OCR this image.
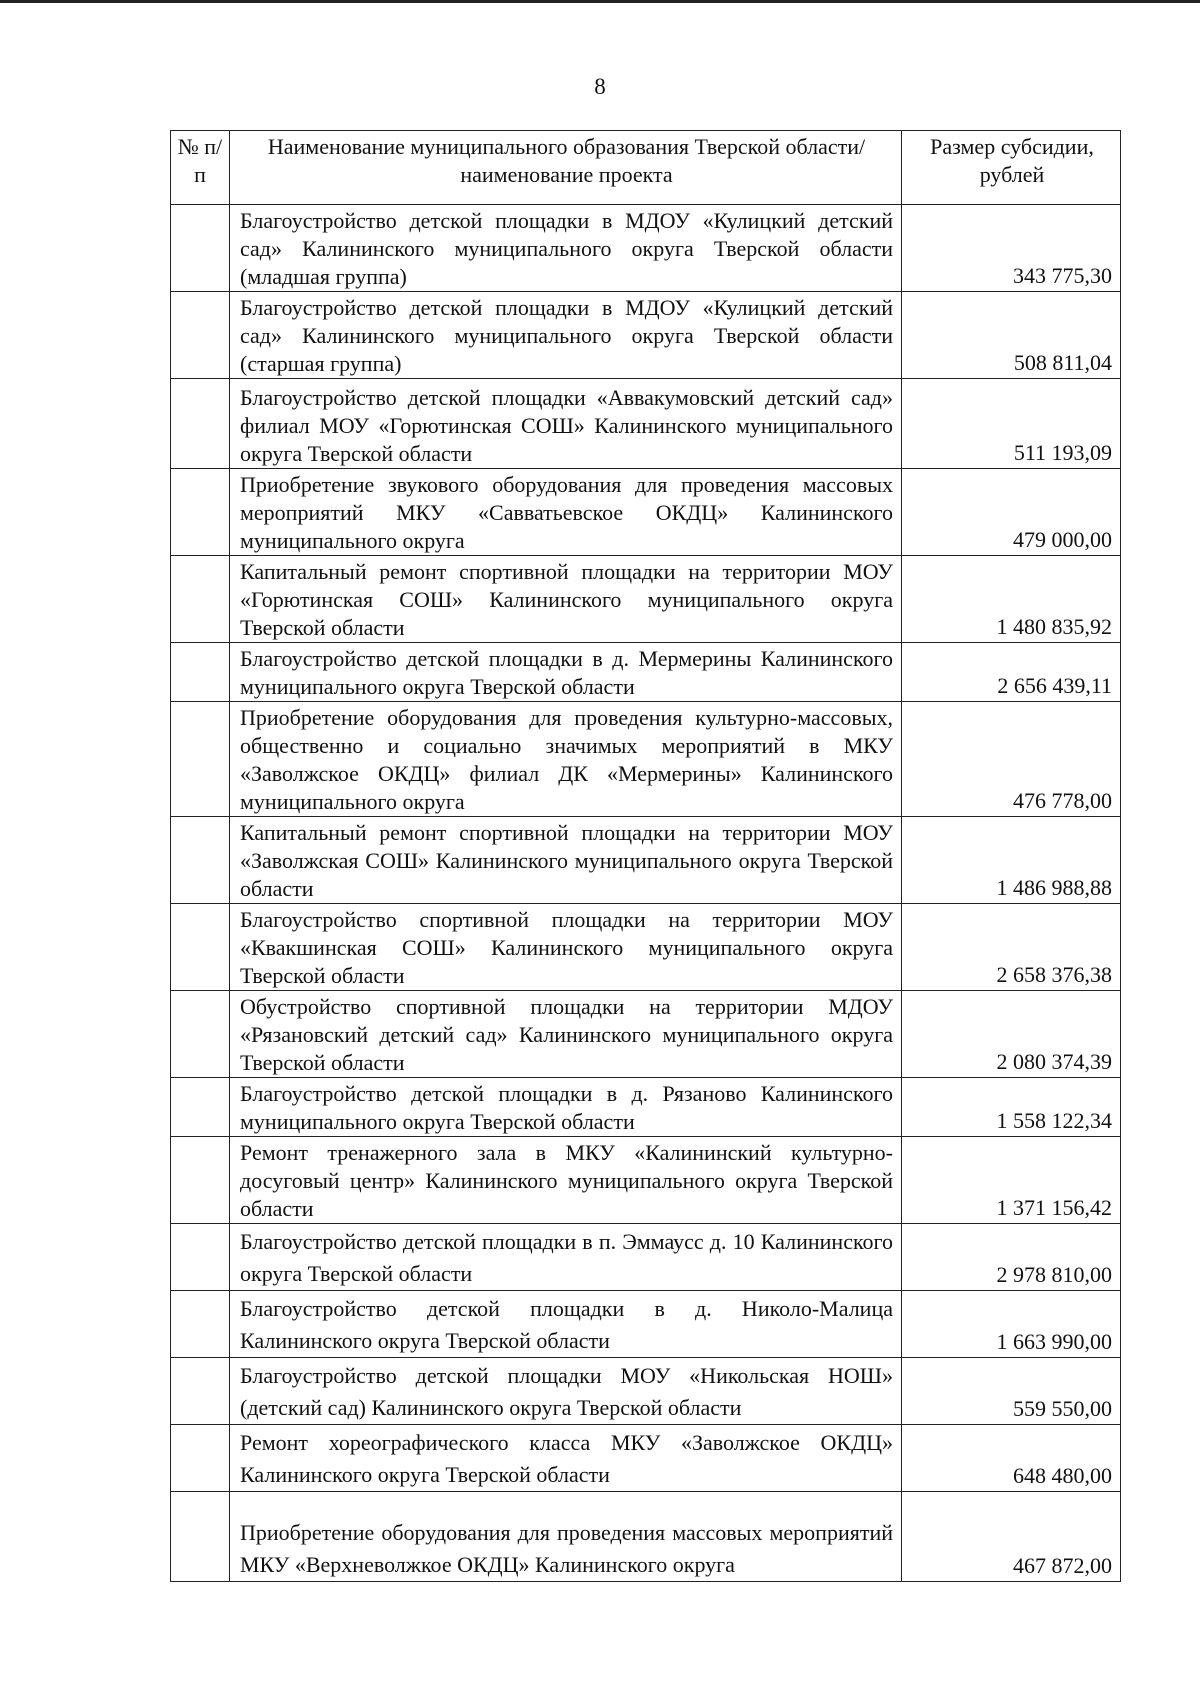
8
№ п/п	Наименование муниципального образования Тверской области/наименование проекта	Размер субсидии, рублей

	Благоустройство детской площадки в МДОУ «Кулицкий детский сад» Калининского муниципального округа Тверской области (младшая группа)	343 775,30

	Благоустройство детской площадки в МДОУ «Кулицкий детский сад» Калининского муниципального округа Тверской области (старшая группа)	508 811,04

	Благоустройство детской площадки «Аввакумовский детский сад» филиал МОУ «Горютинская СОШ» Калининского муниципального округа Тверской области	511 193,09

	Приобретение звукового оборудования для проведения массовых мероприятий МКУ «Савватьевское ОКДЦ» Калининского муниципального округа	479 000,00

	Капитальный ремонт спортивной площадки на территории МОУ «Горютинская СОШ» Калининского муниципального округа Тверской области	1 480 835,92

	Благоустройство детской площадки в д. Мермерины Калининского муниципального округа Тверской области	2 656 439,11

	Приобретение оборудования для проведения культурно-массовых, общественно и социально значимых мероприятий в МКУ «Заволжское ОКДЦ» филиал ДК «Мермерины» Калининского муниципального округа	476 778,00

	Капитальный ремонт спортивной площадки на территории МОУ «Заволжская СОШ» Калининского муниципального округа Тверской области	1 486 988,88

	Благоустройство спортивной площадки на территории МОУ «Квакшинская СОШ» Калининского муниципального округа Тверской области	2 658 376,38

	Обустройство спортивной площадки на территории МДОУ «Рязановский детский сад» Калининского муниципального округа Тверской области	2 080 374,39

	Благоустройство детской площадки в д. Рязаново Калининского муниципального округа Тверской области	1 558 122,34

	Ремонт тренажерного зала в МКУ «Калининский культурно-досуговый центр» Калининского муниципального округа Тверской области	1 371 156,42

	Благоустройство детской площадки в п. Эммаусс д. 10 Калининского округа Тверской области	2 978 810,00

	Благоустройство детской площадки в д. Николо-Малица Калининского округа Тверской области	1 663 990,00

	Благоустройство детской площадки МОУ «Никольская НОШ» (детский сад) Калининского округа Тверской области	559 550,00

	Ремонт хореографического класса МКУ «Заволжское ОКДЦ» Калининского округа Тверской области	648 480,00

	Приобретение оборудования для проведения массовых мероприятий МКУ «Верхневолжкое ОКДЦ» Калининского округа	467 872,00
